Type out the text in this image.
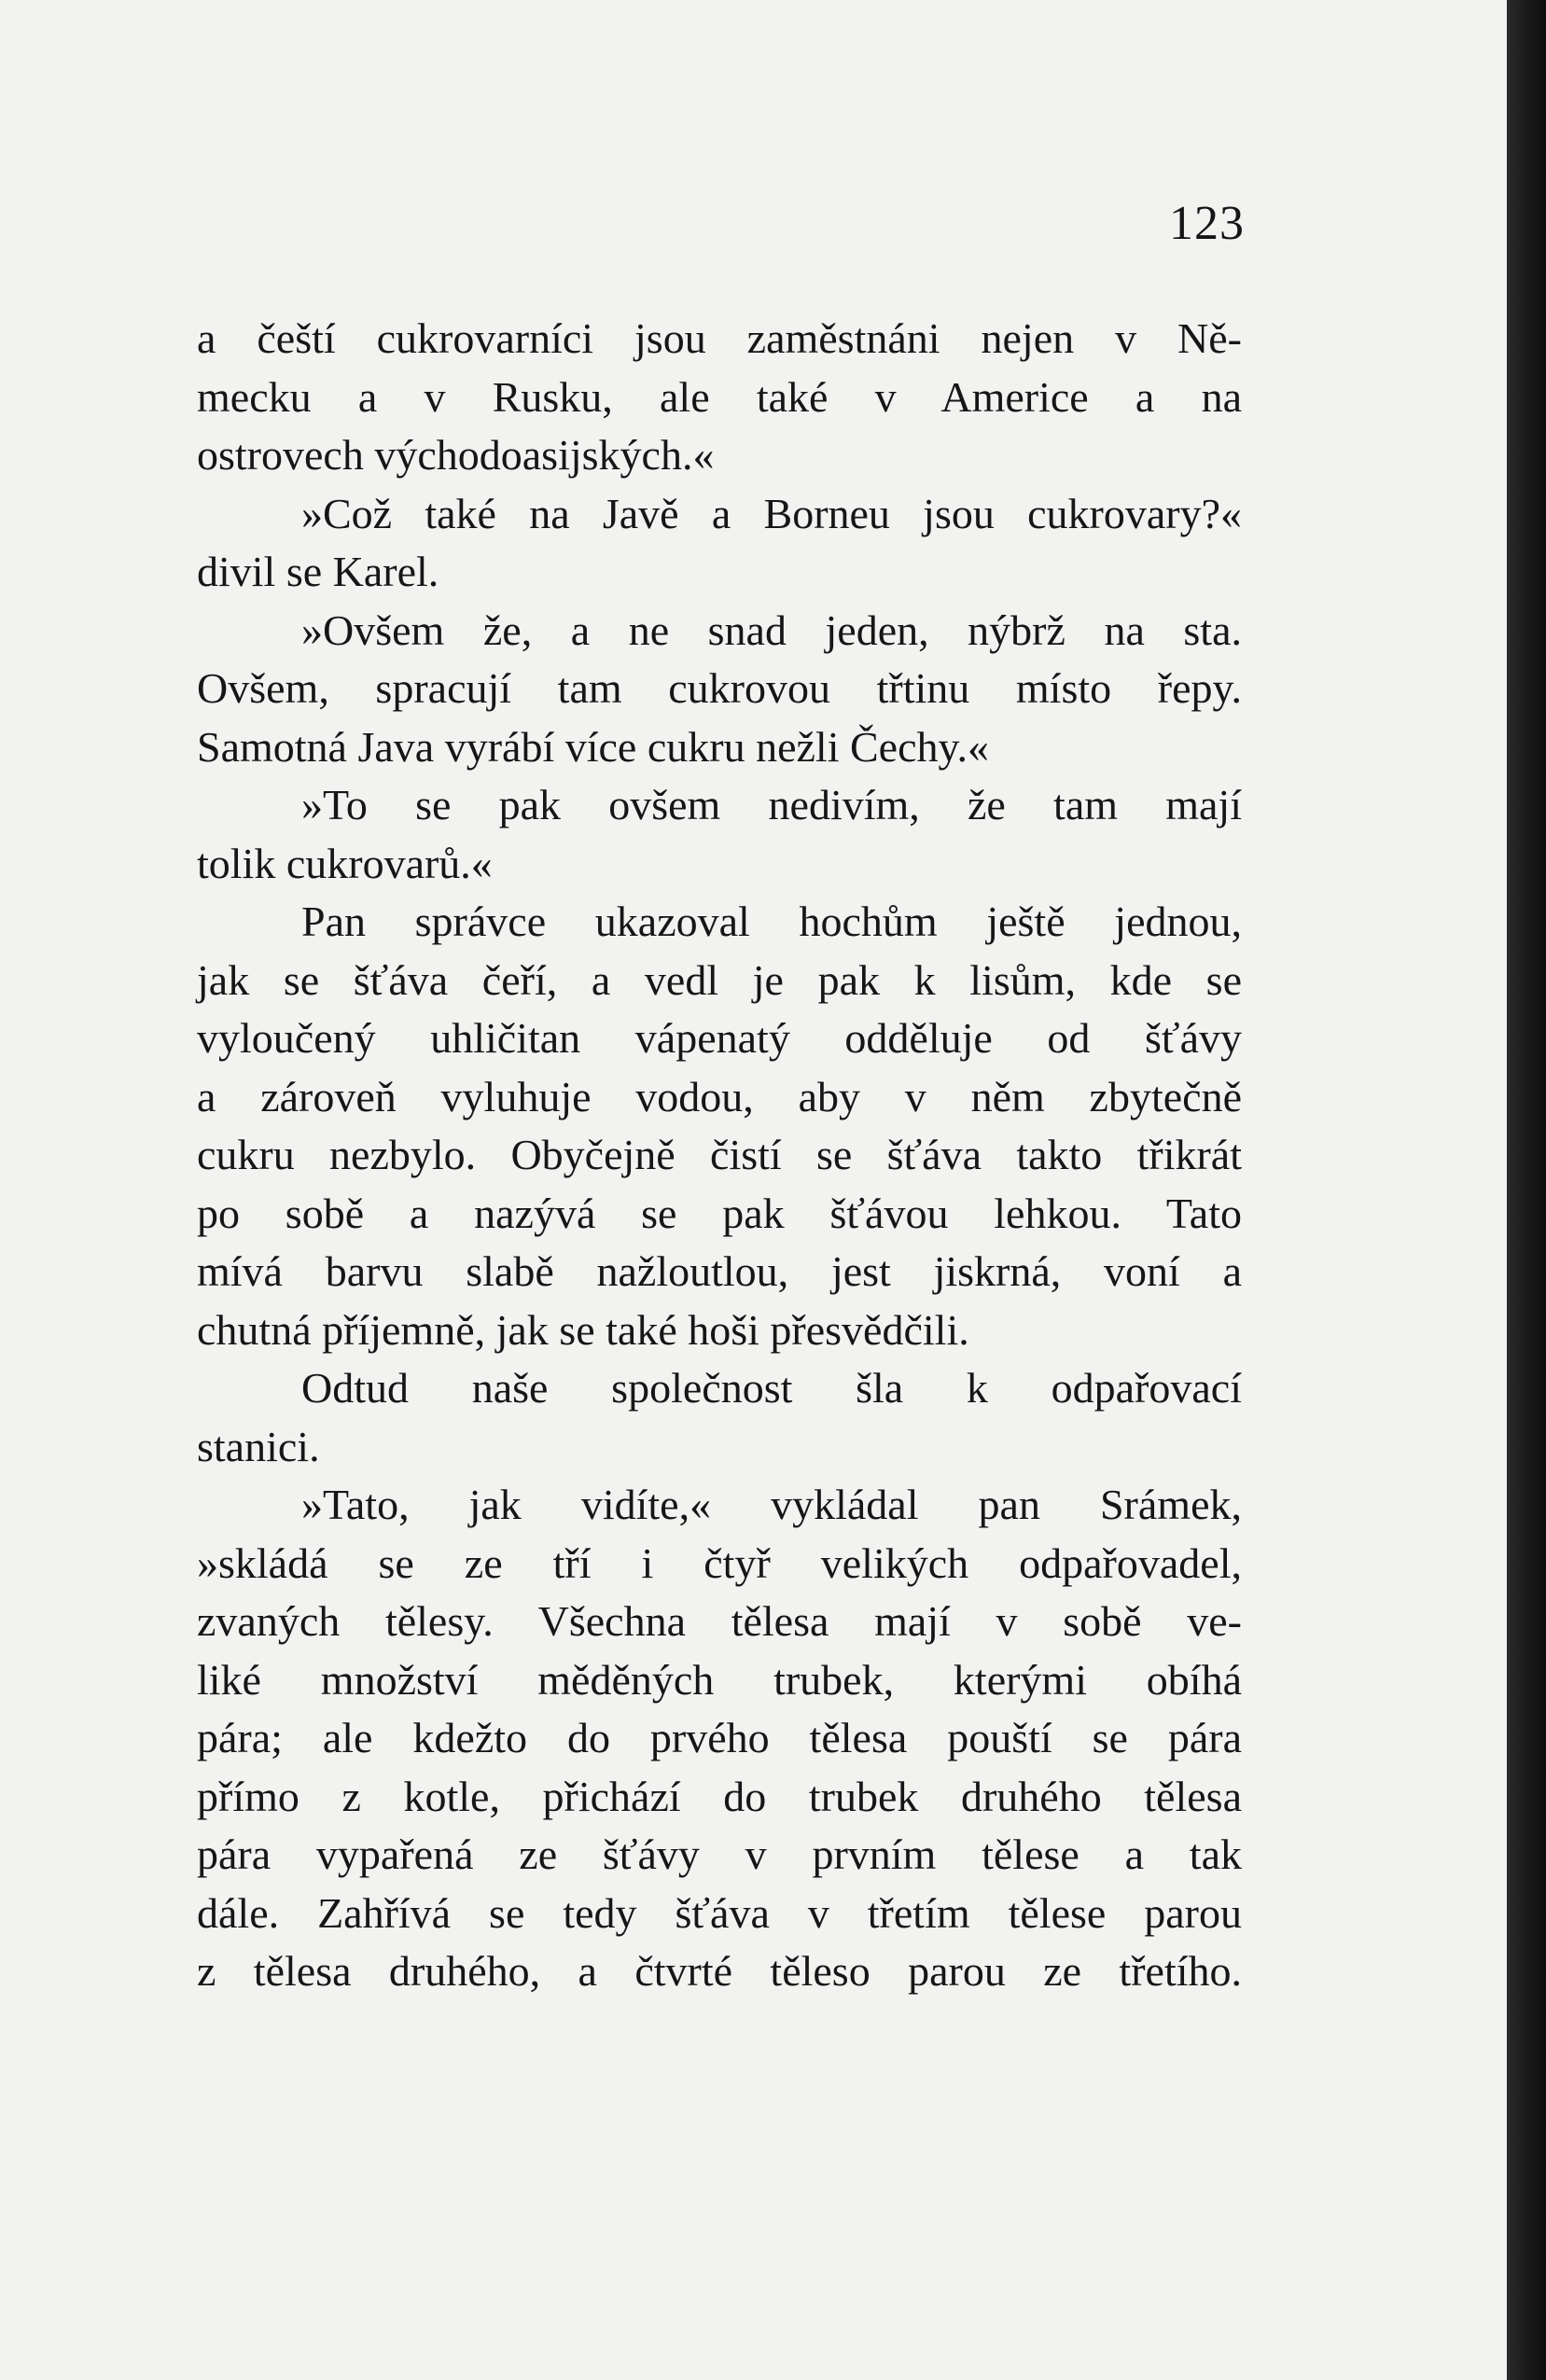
123
a čeští cukrovarníci jsou zaměstnáni nejen v Ně-
mecku a v Rusku, ale také v Americe a na
ostrovech východoasijských.«
»Což také na Javě a Borneu jsou cukrovary?«
divil se Karel.
»Ovšem že, a ne snad jeden, nýbrž na sta.
Ovšem, spracují tam cukrovou třtinu místo řepy.
Samotná Java vyrábí více cukru nežli Čechy.«
»To se pak ovšem nedivím, že tam mají
tolik cukrovarů.«
Pan správce ukazoval hochům ještě jednou,
jak se šťáva čeří, a vedl je pak k lisům, kde se
vyloučený uhličitan vápenatý odděluje od šťávy
a zároveň vyluhuje vodou, aby v něm zbytečně
cukru nezbylo. Obyčejně čistí se šťáva takto třikrát
po sobě a nazývá se pak šťávou lehkou. Tato
mívá barvu slabě nažloutlou, jest jiskrná, voní a
chutná příjemně, jak se také hoši přesvědčili.
Odtud naše společnost šla k odpařovací
stanici.
»Tato, jak vidíte,« vykládal pan Srámek,
»skládá se ze tří i čtyř velikých odpařovadel,
zvaných tělesy. Všechna tělesa mají v sobě ve-
liké množství měděných trubek, kterými obíhá
pára; ale kdežto do prvého tělesa pouští se pára
přímo z kotle, přichází do trubek druhého tělesa
pára vypařená ze šťávy v prvním tělese a tak
dále. Zahřívá se tedy šťáva v třetím tělese parou
z tělesa druhého, a čtvrté těleso parou ze třetího.
